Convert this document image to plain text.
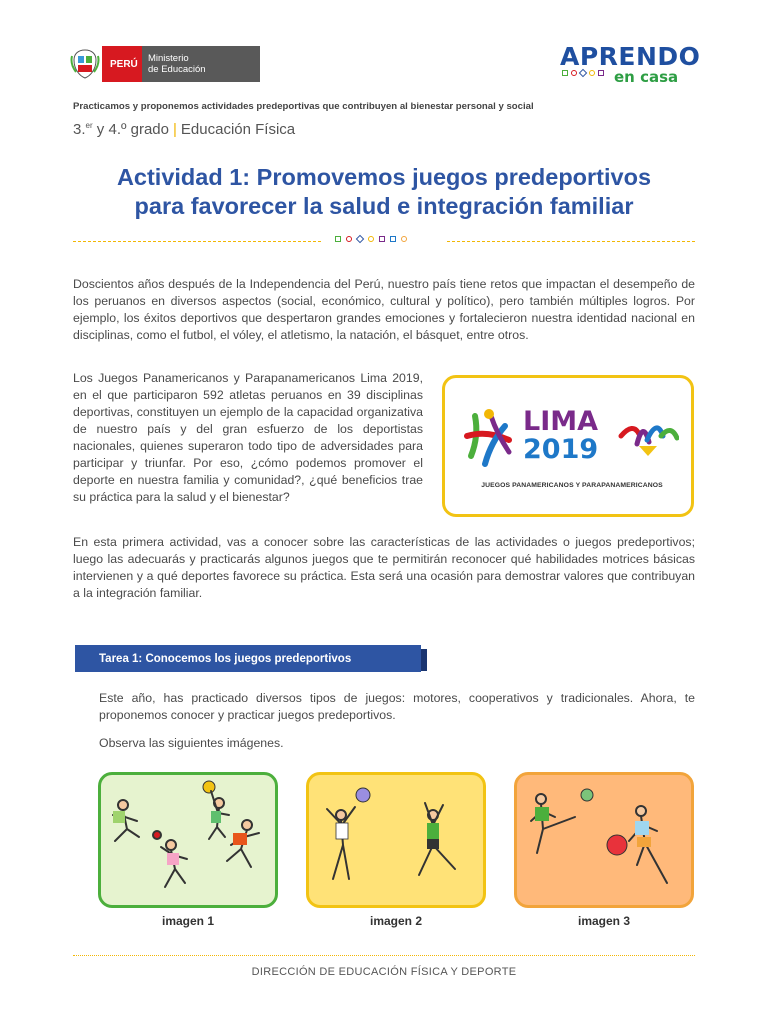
PERÚ	Ministerio
de Educación	APRENDO
en casa
Practicamos y proponemos actividades predeportivas que contribuyen al bienestar personal y social
3.$^{er}$ y 4.º grado | Educación Física
Actividad 1: Promovemos juegos predeportivos
para favorecer la salud e integración familiar

Doscientos años después de la Independencia del Perú, nuestro país tiene retos que impactan el desempeño de los peruanos en diversos aspectos (social, económico, cultural y político), pero también múltiples logros. Por ejemplo, los éxitos deportivos que despertaron grandes emociones y fortalecieron nuestra identidad nacional en disciplinas, como el futbol, el vóley, el atletismo, la natación, el básquet, entre otros.

Los Juegos Panamericanos y Parapanamericanos Lima 2019, en el que participaron 592 atletas peruanos en 39 disciplinas deportivas, constituyen un ejemplo de la capacidad organizativa de nuestro país y del gran esfuerzo de los deportistas nacionales, quienes superaron todo tipo de adversidades para participar y triunfar. Por eso, ¿cómo podemos promover el deporte en nuestra familia y comunidad?, ¿qué beneficios trae su práctica para la salud y el bienestar?

LIMA
2019
JUEGOS PANAMERICANOS Y PARAPANAMERICANOS

En esta primera actividad, vas a conocer sobre las características de las actividades o juegos predeportivos; luego las adecuarás y practicarás algunos juegos que te permitirán reconocer qué habilidades motrices básicas intervienen y a qué deportes favorece su práctica. Esta será una ocasión para demostrar valores que contribuyan a la integración familiar.

Tarea 1: Conocemos los juegos predeportivos

Este año, has practicado diversos tipos de juegos: motores, cooperativos y tradicionales. Ahora, te proponemos conocer y practicar juegos predeportivos.

Observa las siguientes imágenes.

imagen 1	imagen 2	imagen 3
DIRECCIÓN DE EDUCACIÓN FÍSICA Y DEPORTE
